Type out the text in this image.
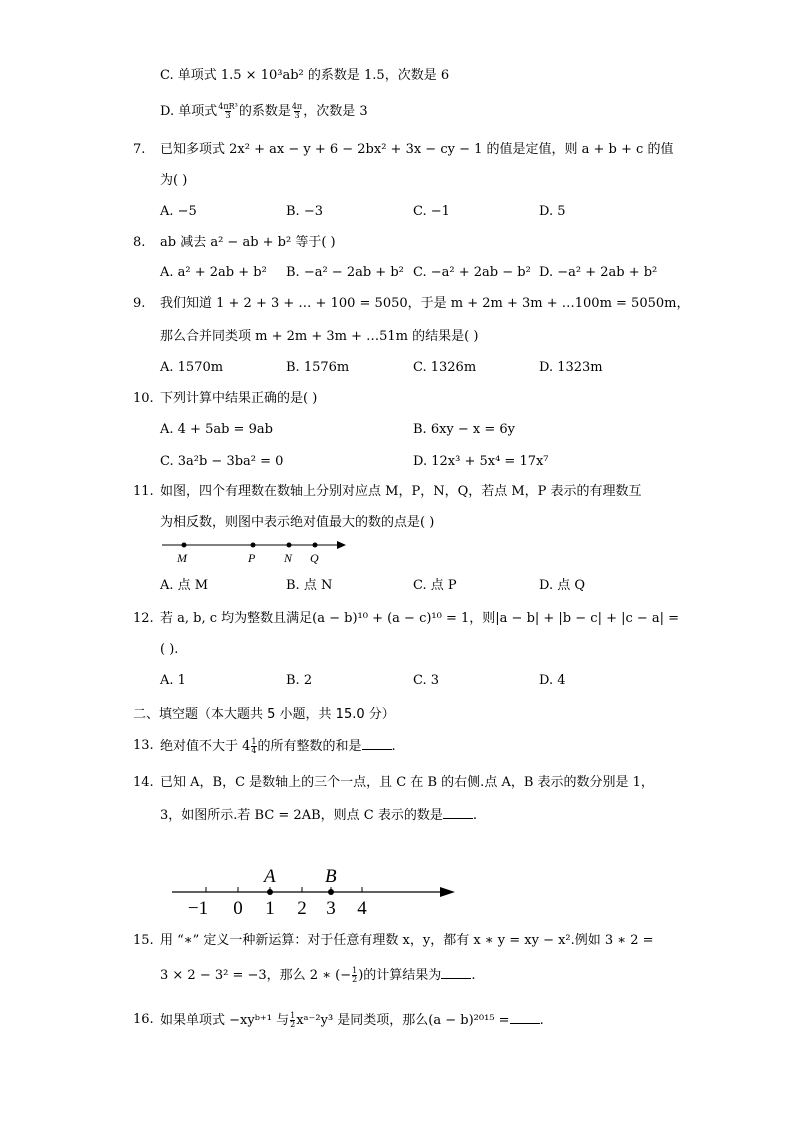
C. 单项式 1.5 × 10³ab² 的系数是 1.5，次数是 6
D. 单项式 $\frac{\text{4πR³}}{3}$ 的系数是 $\frac{4\pi}{3}$ ，次数是 3
7. 已知多项式 2x² + ax − y + 6 − 2bx² + 3x − cy − 1 的值是定值，则 a + b + c 的值
为( )
A. −5	B. −3	C. −1	D. 5
8. ab 减去 a² − ab + b² 等于( )
A. a² + 2ab + b² B. −a² − 2ab + b² C. −a² + 2ab − b² D. −a² + 2ab + b²
9. 我们知道 1 + 2 + 3 + … + 100 = 5050，于是 m + 2m + 3m + …100m = 5050m，
那么合并同类项 m + 2m + 3m + …51m 的结果是( )
A. 1570m	B. 1576m	C. 1326m	D. 1323m
10. 下列计算中结果正确的是( )
A. 4 + 5ab = 9ab	B. 6xy − x = 6y
C. 3a²b − 3ba² = 0	D. 12x³ + 5x⁴ = 17x⁷
11. 如图，四个有理数在数轴上分别对应点 M，P，N，Q，若点 M，P 表示的有理数互
为相反数，则图中表示绝对值最大的数的点是( )
M	P N Q
A. 点 M	B. 点 N	C. 点 P	D. 点 Q
12. 若 a, b, c 均为整数且满足(a − b)¹⁰ + (a − c)¹⁰ = 1，则|a − b| + |b − c| + |c − a| =
( ).
A. 1	B. 2	C. 3	D. 4
二、填空题（本大题共 5 小题，共 15.0 分）
13. 绝对值不大于 $4 \frac{1}{4}$ 的所有整数的和是 .
14. 已知 A，B，C 是数轴上的三个一点，且 C 在 B 的右侧.点 A，B 表示的数分别是 1，
3，如图所示.若 BC = 2AB，则点 C 表示的数是 .
A	B
−1 0 1 2 3 4
15. 用 “∗” 定义一种新运算：对于任意有理数 x，y，都有 x ∗ y = xy − x².例如 3 ∗ 2 =
3 × 2 − 3² = −3，那么 2 ∗ (− $\frac{1}{2}$ )的计算结果为 .
16. 如果单项式 −xyᵇ⁺¹ 与 $\frac{1}{2}$ xᵃ⁻²y³ 是同类项，那么(a − b)²⁰¹⁵ = .
